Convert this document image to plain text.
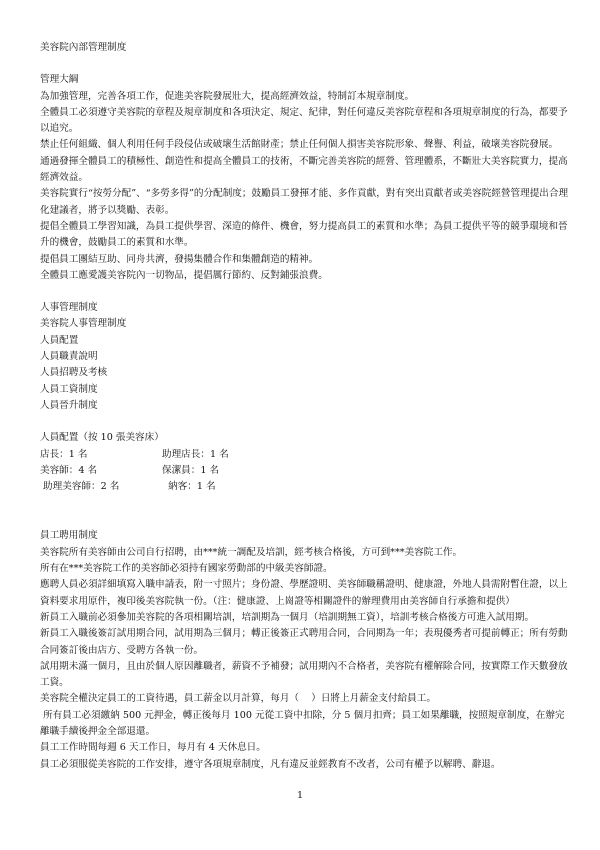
美容院內部管理制度

管理大綱

為加強管理，完善各項工作，促進美容院發展壯大，提高經濟效益，特制訂本規章制度。

全體員工必須遵守美容院的章程及規章制度和各項決定、規定、紀律，對任何違反美容院章程和各項規章制度的行為，都要予以追究。

禁止任何組織、個人利用任何手段侵佔或破壞生活館財產；禁止任何個人損害美容院形象、聲譽、利益，破壞美容院發展。

通過發揮全體員工的積極性、創造性和提高全體員工的技術，不斷完善美容院的經營、管理體系，不斷壯大美容院實力，提高經濟效益。

美容院實行“按勞分配”、“多勞多得”的分配制度；鼓勵員工發揮才能、多作貢獻，對有突出貢獻者或美容院經營管理提出合理化建議者，將予以獎勵、表彰。

提倡全體員工學習知識，為員工提供學習、深造的條件、機會，努力提高員工的素質和水準；為員工提供平等的競爭環境和晉升的機會，鼓勵員工的素質和水準。

提倡員工團結互助、同舟共濟，發揚集體合作和集體創造的精神。

全體員工應愛護美容院內一切物品，提倡厲行節約、反對鋪張浪費。

人事管理制度

美容院人事管理制度

人員配置

人員職責說明

人員招聘及考核

人員工資制度

人員晉升制度

人員配置（按 10 張美容床）

店長：1 名	助理店長：1 名
美容師：4 名	保潔員：1 名
助理美容師：2 名	納客：1 名

員工聘用制度

美容院所有美容師由公司自行招聘，由***統一調配及培訓，經考核合格後，方可到***美容院工作。

所有在***美容院工作的美容師必須持有國家勞動部的中級美容師證。

應聘人員必須詳細填寫入職申請表，附一寸照片；身份證、學歷證明、美容師職稱證明、健康證，外地人員需附暫住證，以上資料要求用原件，複印後美容院執一份。（注：健康證、上崗證等相關證件的辦理費用由美容師自行承擔和提供）

新員工入職前必須參加美容院的各項相關培訓，培訓期為一個月（培訓期無工資），培訓考核合格後方可進入試用期。

新員工入職後簽訂試用期合同，試用期為三個月；轉正後簽正式聘用合同，合同期為一年；表現優秀者可提前轉正；所有勞動合同簽訂後由店方、受聘方各執一份。

試用期未滿一個月，且由於個人原因離職者，薪資不予補發；試用期內不合格者，美容院有權解除合同，按實際工作天數發放工資。

美容院全權決定員工的工資待遇，員工薪金以月計算，每月（    ）日將上月薪金支付給員工。

所有員工必須繳納 500 元押金，轉正後每月 100 元從工資中扣除，分 5 個月扣齊；員工如果離職，按照規章制度，在辦完離職手續後押金全部退還。

員工工作時間每週 6 天工作日，每月有 4 天休息日。

員工必須服從美容院的工作安排，遵守各項規章制度，凡有違反並經教育不改者，公司有權予以解聘、辭退。

1
